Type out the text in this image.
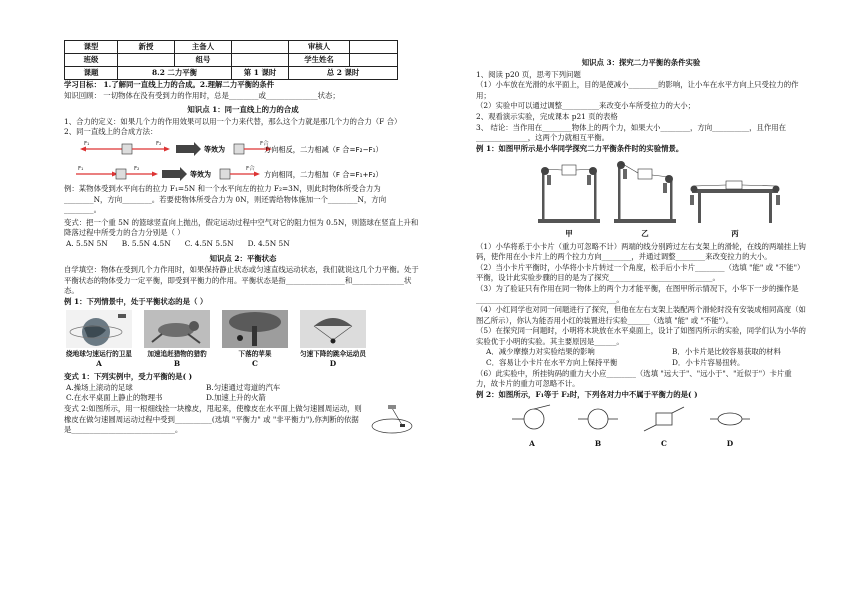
课型	新授	主备人		审核人	
班级		组号		学生姓名	
课题	8.2 二力平衡		第 1 课时	总 2 课时	

学习目标： 1.了解同一直线上力的合成。2.理解二力平衡的条件

知识回顾： 一切物体在没有受到力的作用时，总是________或______________状态；

知识点 1：同一直线上的力的合成

1、合力的定义：如果几个力的作用效果可以用一个力来代替，那么这个力就是那几个力的合力（F 合）

2、同一直线上的合成方法：

F₁	F₂
等效为
F合
方向相反，二力相减（F 合=F₂−F₁）
F₁	F₂
等效为
F合
方向相同，二力相加（F 合=F₁+F₂）

例：某物体受到水平向右的拉力 F₁=5N 和一个水平向左的拉力 F₂=3N，则此时物体所受合力为________N，方向________。若要使物体所受合力为 0N，则还需给物体施加一个________N，方向________。

变式：把一个重 5N 的篮球竖直向上抛出，假定运动过程中空气对它的阻力恒为 0.5N，则篮球在竖直上升和降落过程中所受力的合力分别是（ ）

A. 5.5N 5N B. 5.5N 4.5N C. 4.5N 5.5N D. 4.5N 5N

知识点 2：平衡状态

自学填空：物体在受到几个力作用时，如果保持静止状态或匀速直线运动状态，我们就说这几个力平衡。处于平衡状态的物体受力一定平衡，即受到平衡力的作用。平衡状态是指________________和______________状态。

例 1：下列情景中，处于平衡状态的是（ ）

绕地球匀速运行的卫星
A
加速追赶猎物的猎豹
B
下落的苹果
C
匀速下降的跳伞运动员
D

变式 1：下列实例中，受力平衡的是( )

A.操场上滚动的足球	B.匀速通过弯道的汽车
C.在水平桌面上静止的物理书	D.加速上升的火箭

变式 2:如图所示，用一根细线拴一块橡皮，甩起来，使橡皮在水平面上做匀速圆周运动，则橡皮在做匀速圆周运动过程中受到__________(选填 "平衡力" 或 "非平衡力"),你判断的依据是____________________________。

知识点 3：探究二力平衡的条件实验

1、阅读 p20 页，思考下列问题

（1）小车放在光滑的水平面上，目的是使减小________的影响，让小车在水平方向上只受拉力的作用；

（2）实验中可以通过调整__________来改变小车所受拉力的大小；

2、观看演示实验，完成课本 p21 页的表格

3、 结论：当作用在________物体上的两个力，如果大小________，方向__________，且作用在______________，这两个力就相互平衡。

例 1：如图甲所示是小华同学探究二力平衡条件时的实验情景。

甲	乙	丙

（1）小华将系于小卡片（重力可忽略不计）两端的线分别跨过左右支架上的滑轮，在线的两端挂上钩码，使作用在小卡片上的两个拉力方向________，并通过调整________来改变拉力的大小。

（2）当小卡片平衡时，小华将小卡片转过一个角度，松手后小卡片________（选填 "能" 或 "不能"）平衡，设计此实验步骤的目的是为了探究____________________________。

（3）为了验证只有作用在同一物体上的两个力才能平衡，在图甲所示情况下，小华下一步的操作是______________________________________。

（4）小红同学也对同一问题进行了探究，但他在左右支架上装配两个滑轮时没有安装成相同高度（如图乙所示），你认为能否用小红的装置进行实验______（选填 "能" 或 "不能"）。

（5）在探究同一问题时，小明将木块放在水平桌面上，设计了如图丙所示的实验，同学们认为小华的实验优于小明的实验。其主要原因是______。

A．减少摩擦力对实验结果的影响	B．小卡片是比较容易获取的材料
C．容易让小卡片在水平方向上保持平衡	D．小卡片容易扭转。

（6）此实验中，所挂钩码的重力大小应________（选填 "远大于"、"远小于"、"近似于"）卡片重力，故卡片的重力可忽略不计。

例 2：如图所示，F₁等于 F₂时，下列各对力中不属于平衡力的是( )

A	B	C	D
